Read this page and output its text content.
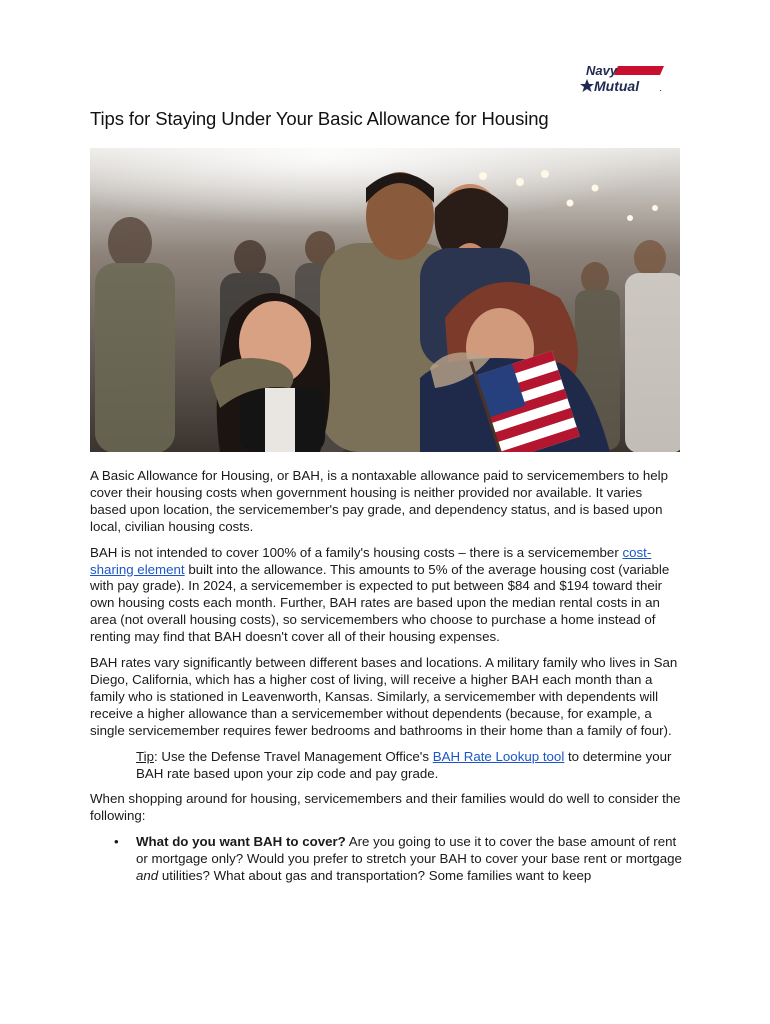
Navy
Mutual	.
Tips for Staying Under Your Basic Allowance for Housing

A Basic Allowance for Housing, or BAH, is a nontaxable allowance paid to servicemembers to help cover their housing costs when government housing is neither provided nor available. It varies based upon location, the servicemember's pay grade, and dependency status, and is based upon local, civilian housing costs.

BAH is not intended to cover 100% of a family's housing costs – there is a servicemember cost-sharing element built into the allowance. This amounts to 5% of the average housing cost (variable with pay grade). In 2024, a servicemember is expected to put between $84 and $194 toward their own housing costs each month. Further, BAH rates are based upon the median rental costs in an area (not overall housing costs), so servicemembers who choose to purchase a home instead of renting may find that BAH doesn't cover all of their housing expenses.

BAH rates vary significantly between different bases and locations. A military family who lives in San Diego, California, which has a higher cost of living, will receive a higher BAH each month than a family who is stationed in Leavenworth, Kansas. Similarly, a servicemember with dependents will receive a higher allowance than a servicemember without dependents (because, for example, a single servicemember requires fewer bedrooms and bathrooms in their home than a family of four).

Tip: Use the Defense Travel Management Office's BAH Rate Lookup tool to determine your BAH rate based upon your zip code and pay grade.

When shopping around for housing, servicemembers and their families would do well to consider the following:

• What do you want BAH to cover? Are you going to use it to cover the base amount of rent or mortgage only? Would you prefer to stretch your BAH to cover your base rent or mortgage and utilities? What about gas and transportation? Some families want to keep
